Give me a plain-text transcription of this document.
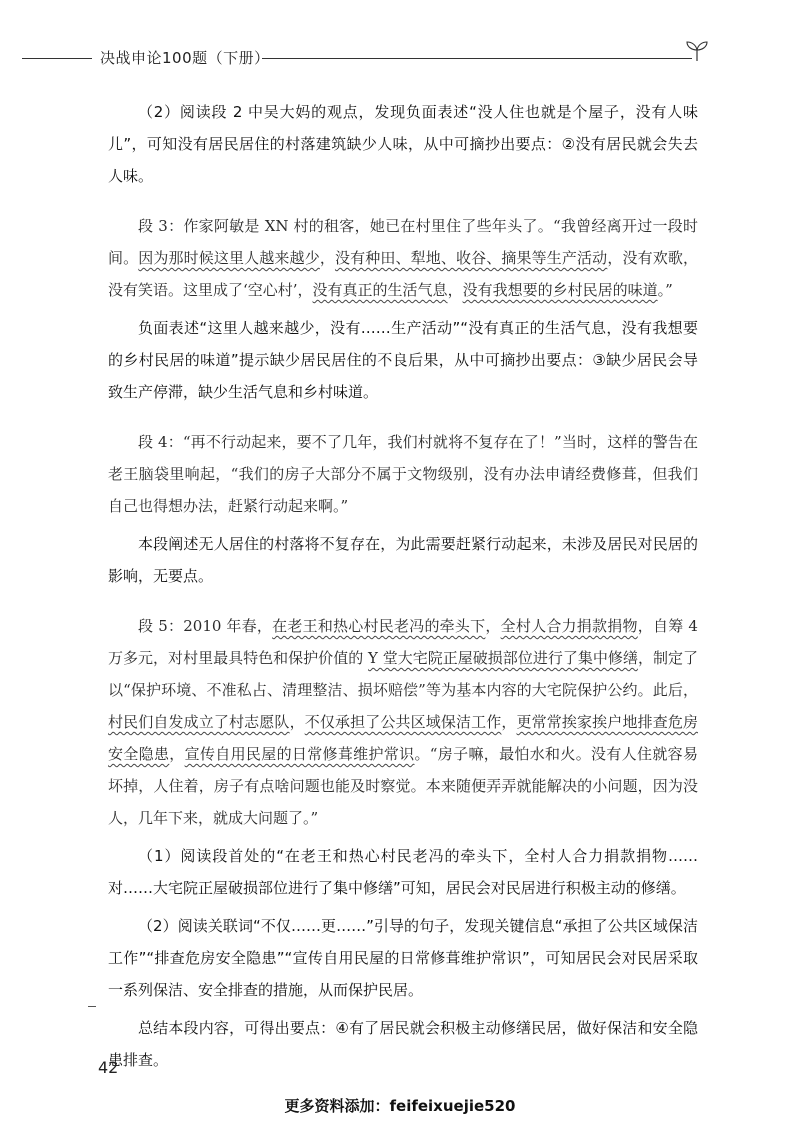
决战申论100题（下册）

（2）阅读段 2 中吴大妈的观点，发现负面表述“没人住也就是个屋子，没有人味儿”，可知没有居民居住的村落建筑缺少人味，从中可摘抄出要点：②没有居民就会失去人味。

段 3：作家阿敏是 XN 村的租客，她已在村里住了些年头了。“我曾经离开过一段时间。因为那时候这里人越来越少，没有种田、犁地、收谷、摘果等生产活动，没有欢歌，没有笑语。这里成了‘空心村’，没有真正的生活气息，没有我想要的乡村民居的味道。”

负面表述“这里人越来越少，没有……生产活动”“没有真正的生活气息，没有我想要的乡村民居的味道”提示缺少居民居住的不良后果，从中可摘抄出要点：③缺少居民会导致生产停滞，缺少生活气息和乡村味道。

段 4：“再不行动起来，要不了几年，我们村就将不复存在了！”当时，这样的警告在老王脑袋里响起，“我们的房子大部分不属于文物级别，没有办法申请经费修葺，但我们自己也得想办法，赶紧行动起来啊。”

本段阐述无人居住的村落将不复存在，为此需要赶紧行动起来，未涉及居民对民居的影响，无要点。

段 5：2010 年春，在老王和热心村民老冯的牵头下，全村人合力捐款捐物，自筹 4 万多元，对村里最具特色和保护价值的 Y 堂大宅院正屋破损部位进行了集中修缮，制定了以“保护环境、不准私占、清理整洁、损坏赔偿”等为基本内容的大宅院保护公约。此后，村民们自发成立了村志愿队，不仅承担了公共区域保洁工作，更常常挨家挨户地排查危房安全隐患，宣传自用民屋的日常修葺维护常识。“房子嘛，最怕水和火。没有人住就容易坏掉，人住着，房子有点啥问题也能及时察觉。本来随便弄弄就能解决的小问题，因为没人，几年下来，就成大问题了。”

（1）阅读段首处的“在老王和热心村民老冯的牵头下，全村人合力捐款捐物……对……大宅院正屋破损部位进行了集中修缮”可知，居民会对民居进行积极主动的修缮。

（2）阅读关联词“不仅……更……”引导的句子，发现关键信息“承担了公共区域保洁工作”“排查危房安全隐患”“宣传自用民屋的日常修葺维护常识”，可知居民会对民居采取一系列保洁、安全排查的措施，从而保护民居。

总结本段内容，可得出要点：④有了居民就会积极主动修缮民居，做好保洁和安全隐患排查。

42
更多资料添加：feifeixuejie520
